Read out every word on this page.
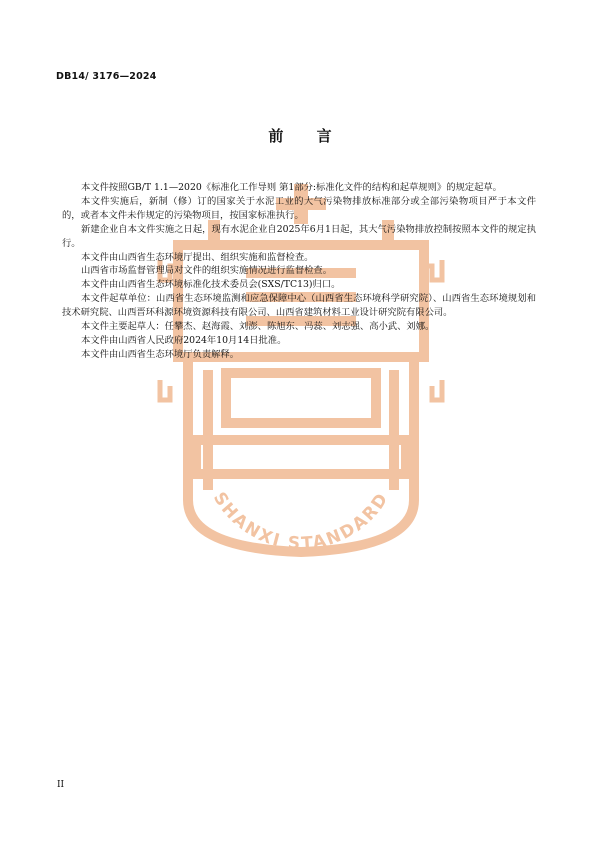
DB14/ 3176—2024
前 言
SHANXI STANDARD

本文件按照GB/T 1.1—2020《标准化工作导则 第1部分:标准化文件的结构和起草规则》的规定起草。

本文件实施后，新制（修）订的国家关于水泥工业的大气污染物排放标准部分或全部污染物项目严于本文件的，或者本文件未作规定的污染物项目，按国家标准执行。

新建企业自本文件实施之日起，现有水泥企业自2025年6月1日起，其大气污染物排放控制按照本文件的规定执行。

本文件由山西省生态环境厅提出、组织实施和监督检查。

山西省市场监督管理局对文件的组织实施情况进行监督检查。

本文件由山西省生态环境标准化技术委员会(SXS/TC13)归口。

本文件起草单位：山西省生态环境监测和应急保障中心（山西省生态环境科学研究院）、山西省生态环境规划和技术研究院、山西晋环科源环境资源科技有限公司、山西省建筑材料工业设计研究院有限公司。

本文件主要起草人：任攀杰、赵海霞、刘澎、陈旭东、冯蕊、刘志强、高小武、刘娜。

本文件由山西省人民政府2024年10月14日批准。

本文件由山西省生态环境厅负责解释。

II
